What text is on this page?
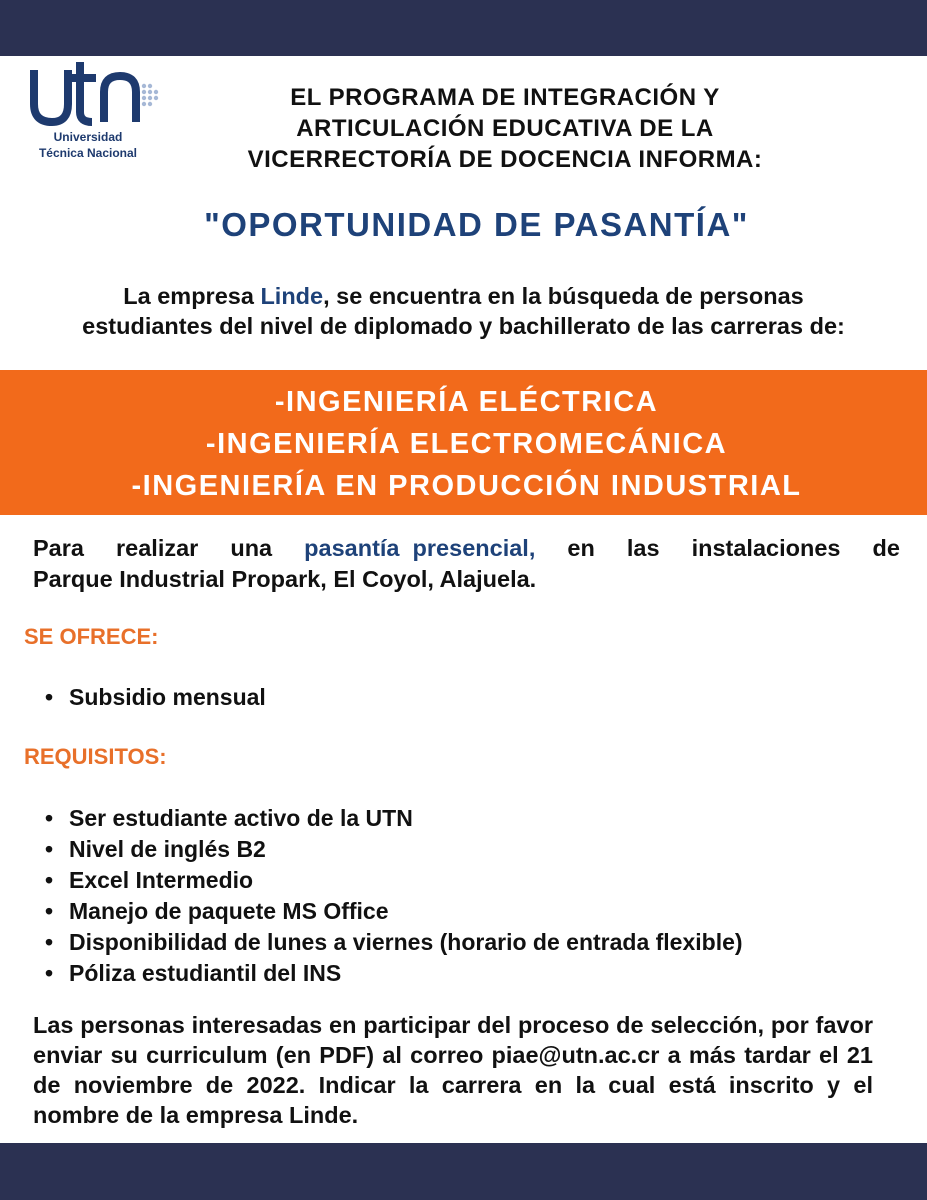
Universidad
Técnica Nacional
EL PROGRAMA DE INTEGRACIÓN Y
ARTICULACIÓN EDUCATIVA DE LA
VICERRECTORÍA DE DOCENCIA INFORMA:
"OPORTUNIDAD DE PASANTÍA"
La empresa Linde, se encuentra en la búsqueda de personas
estudiantes del nivel de diplomado y bachillerato de las carreras de:
-INGENIERÍA ELÉCTRICA
-INGENIERÍA ELECTROMECÁNICA
-INGENIERÍA EN PRODUCCIÓN INDUSTRIAL
Para realizar una pasantía  presencial, en las instalaciones de
Parque Industrial Propark, El Coyol, Alajuela.
SE OFRECE:
• Subsidio mensual
REQUISITOS:
• Ser estudiante activo de la UTN
• Nivel de inglés B2
• Excel Intermedio
• Manejo de paquete MS Office
• Disponibilidad de lunes a viernes (horario de entrada flexible)
• Póliza estudiantil del INS
Las personas interesadas en participar del proceso de selección, por favor enviar su curriculum (en PDF) al correo piae@utn.ac.cr a más tardar el 21 de noviembre de 2022. Indicar la carrera en la cual está inscrito y el nombre de la empresa Linde.
